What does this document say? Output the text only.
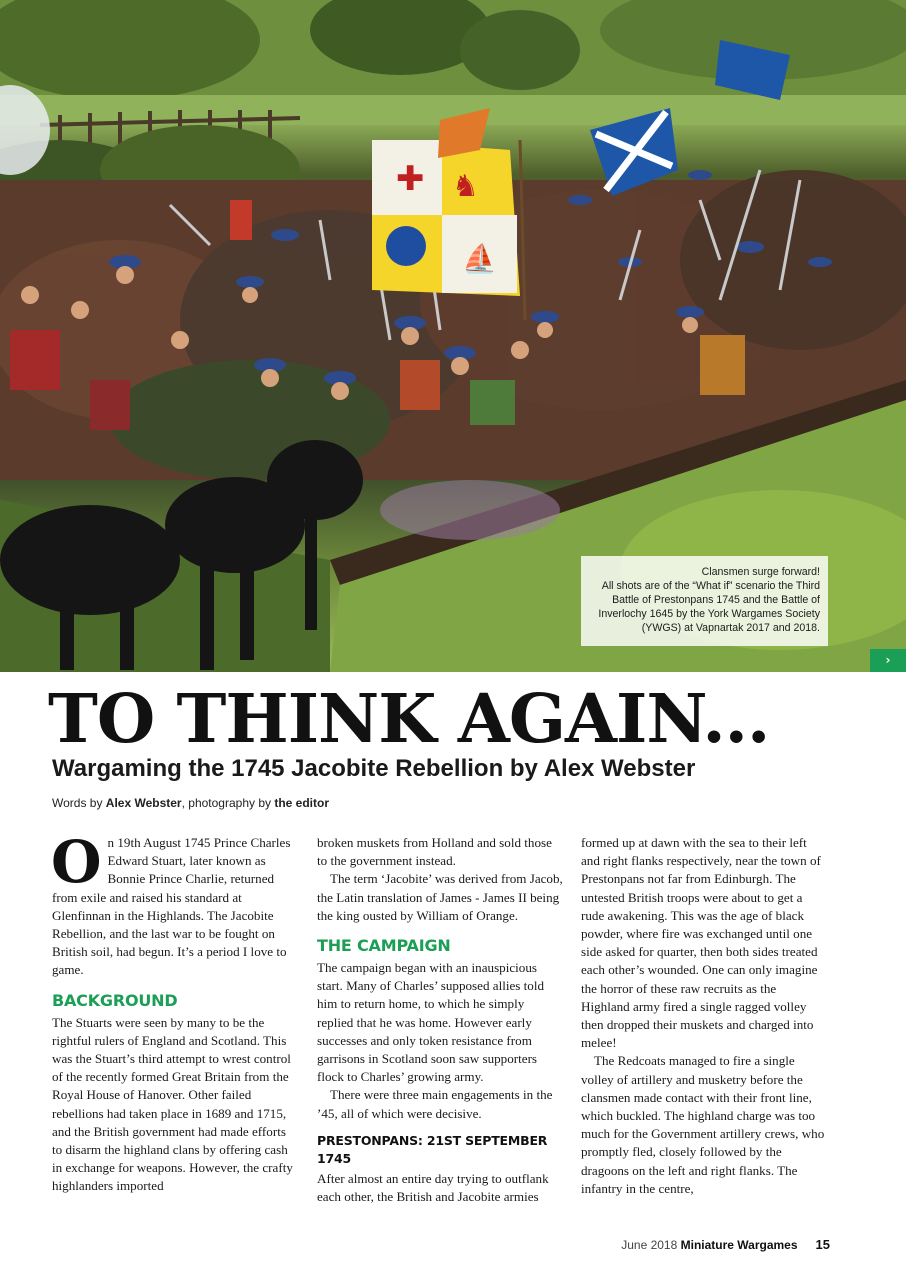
✚ ♞
⛵
Clansmen surge forward!
All shots are of the “What if” scenario the Third
Battle of Prestonpans 1745 and the Battle of
Inverlochy 1645 by the York Wargames Society
(YWGS) at Vapnartak 2017 and 2018.
›
TO THINK AGAIN...
Wargaming the 1745 Jacobite Rebellion by Alex Webster
Words by Alex Webster, photography by the editor

On 19th August 1745 Prince Charles Edward Stuart, later known as Bonnie Prince Charlie, returned from exile and raised his standard at Glenfinnan in the Highlands. The Jacobite Rebellion, and the last war to be fought on British soil, had begun. It’s a period I love to game.

BACKGROUND

The Stuarts were seen by many to be the rightful rulers of England and Scotland. This was the Stuart’s third attempt to wrest control of the recently formed Great Britain from the Royal House of Hanover. Other failed rebellions had taken place in 1689 and 1715, and the British government had made efforts to disarm the highland clans by offering cash in exchange for weapons. However, the crafty highlanders imported

broken muskets from Holland and sold those to the government instead.

The term ‘Jacobite’ was derived from Jacob, the Latin translation of James - James II being the king ousted by William of Orange.

THE CAMPAIGN

The campaign began with an inauspicious start. Many of Charles’ supposed allies told him to return home, to which he simply replied that he was home. However early successes and only token resistance from garrisons in Scotland soon saw supporters flock to Charles’ growing army.

There were three main engagements in the ’45, all of which were decisive.

PRESTONPANS: 21ST SEPTEMBER 1745

After almost an entire day trying to outflank each other, the British and Jacobite armies

formed up at dawn with the sea to their left and right flanks respectively, near the town of Prestonpans not far from Edinburgh. The untested British troops were about to get a rude awakening. This was the age of black powder, where fire was exchanged until one side asked for quarter, then both sides treated each other’s wounded. One can only imagine the horror of these raw recruits as the Highland army fired a single ragged volley then dropped their muskets and charged into melee!

The Redcoats managed to fire a single volley of artillery and musketry before the clansmen made contact with their front line, which buckled. The highland charge was too much for the Government artillery crews, who promptly fled, closely followed by the dragoons on the left and right flanks. The infantry in the centre,

June 2018 Miniature Wargames 15
